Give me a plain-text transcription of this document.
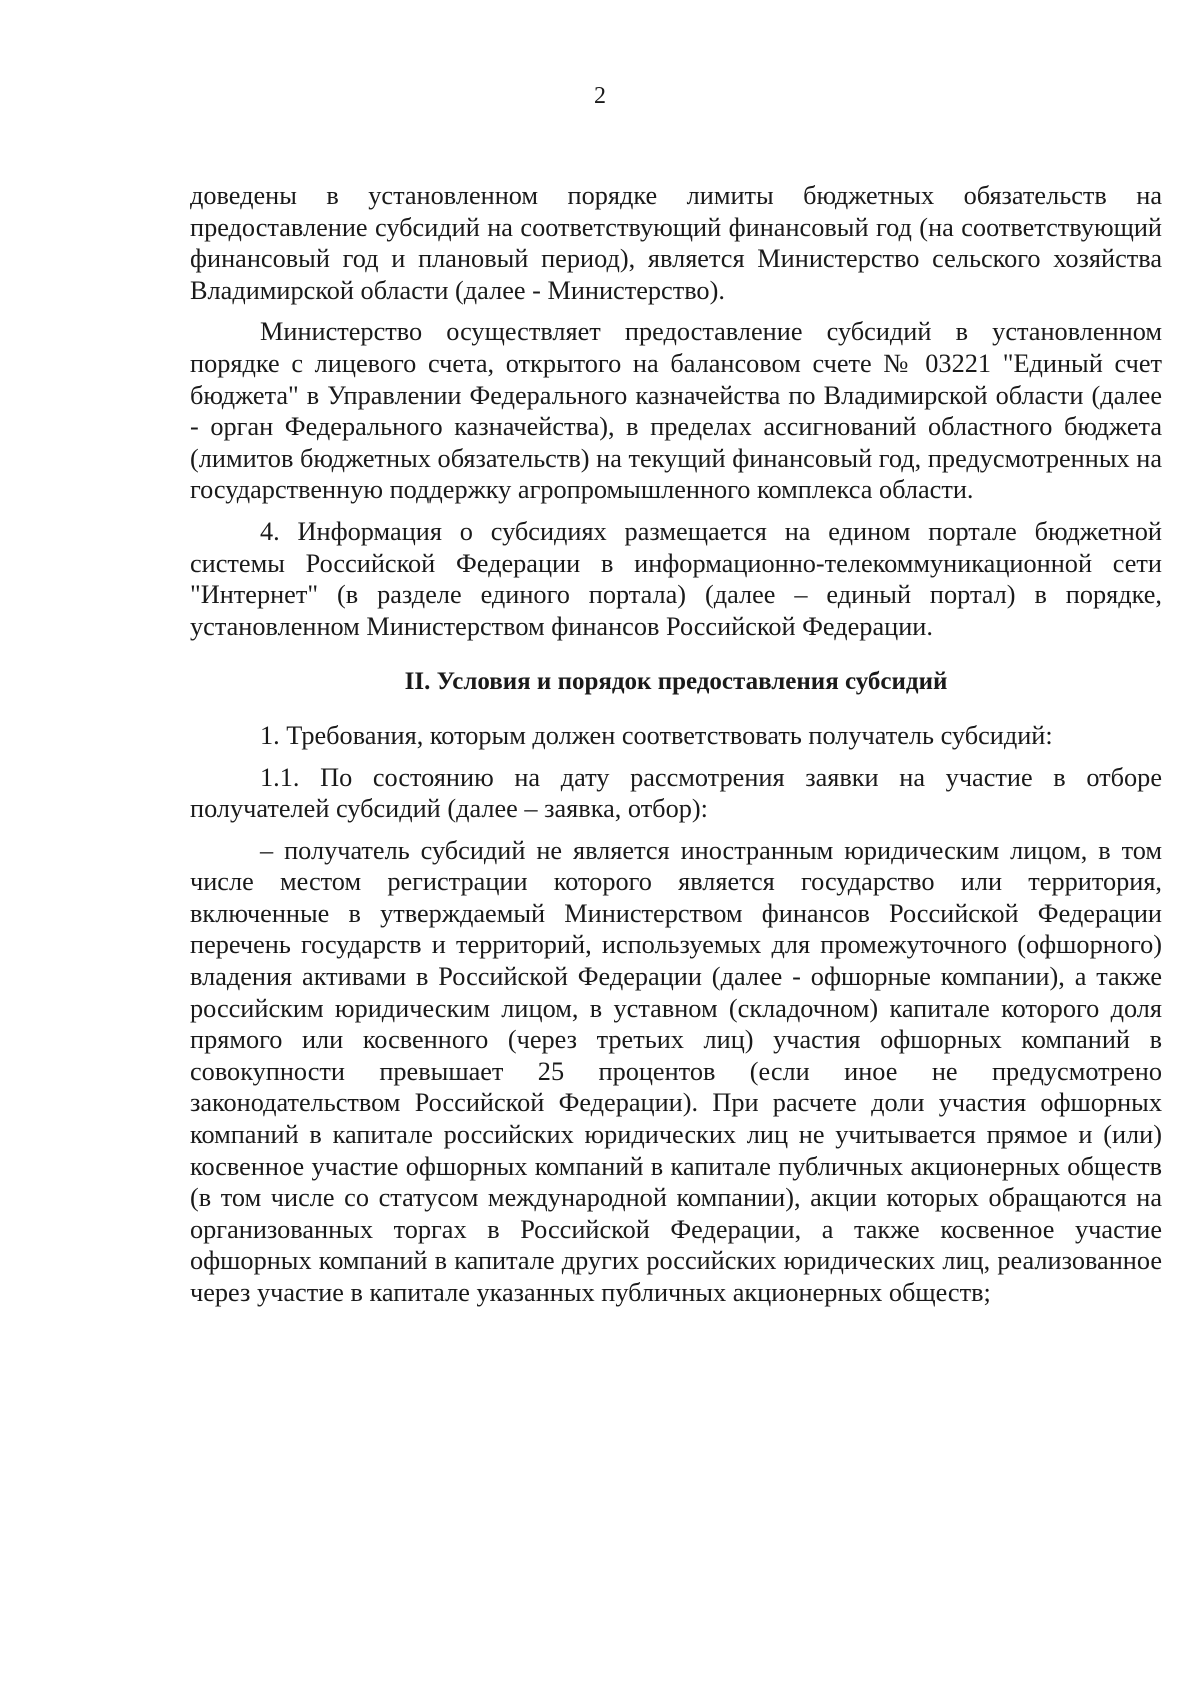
2

доведены в установленном порядке лимиты бюджетных обязательств на предоставление субсидий на соответствующий финансовый год (на соответствующий финансовый год и плановый период), является Министерство сельского хозяйства Владимирской области (далее - Министерство).

Министерство осуществляет предоставление субсидий в установленном порядке с лицевого счета, открытого на балансовом счете № 03221 "Единый счет бюджета" в Управлении Федерального казначейства по Владимирской области (далее - орган Федерального казначейства), в пределах ассигнований областного бюджета (лимитов бюджетных обязательств) на текущий финансовый год, предусмотренных на государственную поддержку агропромышленного комплекса области.

4. Информация о субсидиях размещается на едином портале бюджетной системы Российской Федерации в информационно-телекоммуникационной сети "Интернет" (в разделе единого портала) (далее – единый портал) в порядке, установленном Министерством финансов Российской Федерации.

II. Условия и порядок предоставления субсидий

1. Требования, которым должен соответствовать получатель субсидий:

1.1. По состоянию на дату рассмотрения заявки на участие в отборе получателей субсидий (далее – заявка, отбор):

– получатель субсидий не является иностранным юридическим лицом, в том числе местом регистрации которого является государство или территория, включенные в утверждаемый Министерством финансов Российской Федерации перечень государств и территорий, используемых для промежуточного (офшорного) владения активами в Российской Федерации (далее - офшорные компании), а также российским юридическим лицом, в уставном (складочном) капитале которого доля прямого или косвенного (через третьих лиц) участия офшорных компаний в совокупности превышает 25 процентов (если иное не предусмотрено законодательством Российской Федерации). При расчете доли участия офшорных компаний в капитале российских юридических лиц не учитывается прямое и (или) косвенное участие офшорных компаний в капитале публичных акционерных обществ (в том числе со статусом международной компании), акции которых обращаются на организованных торгах в Российской Федерации, а также косвенное участие офшорных компаний в капитале других российских юридических лиц, реализованное через участие в капитале указанных публичных акционерных обществ;
